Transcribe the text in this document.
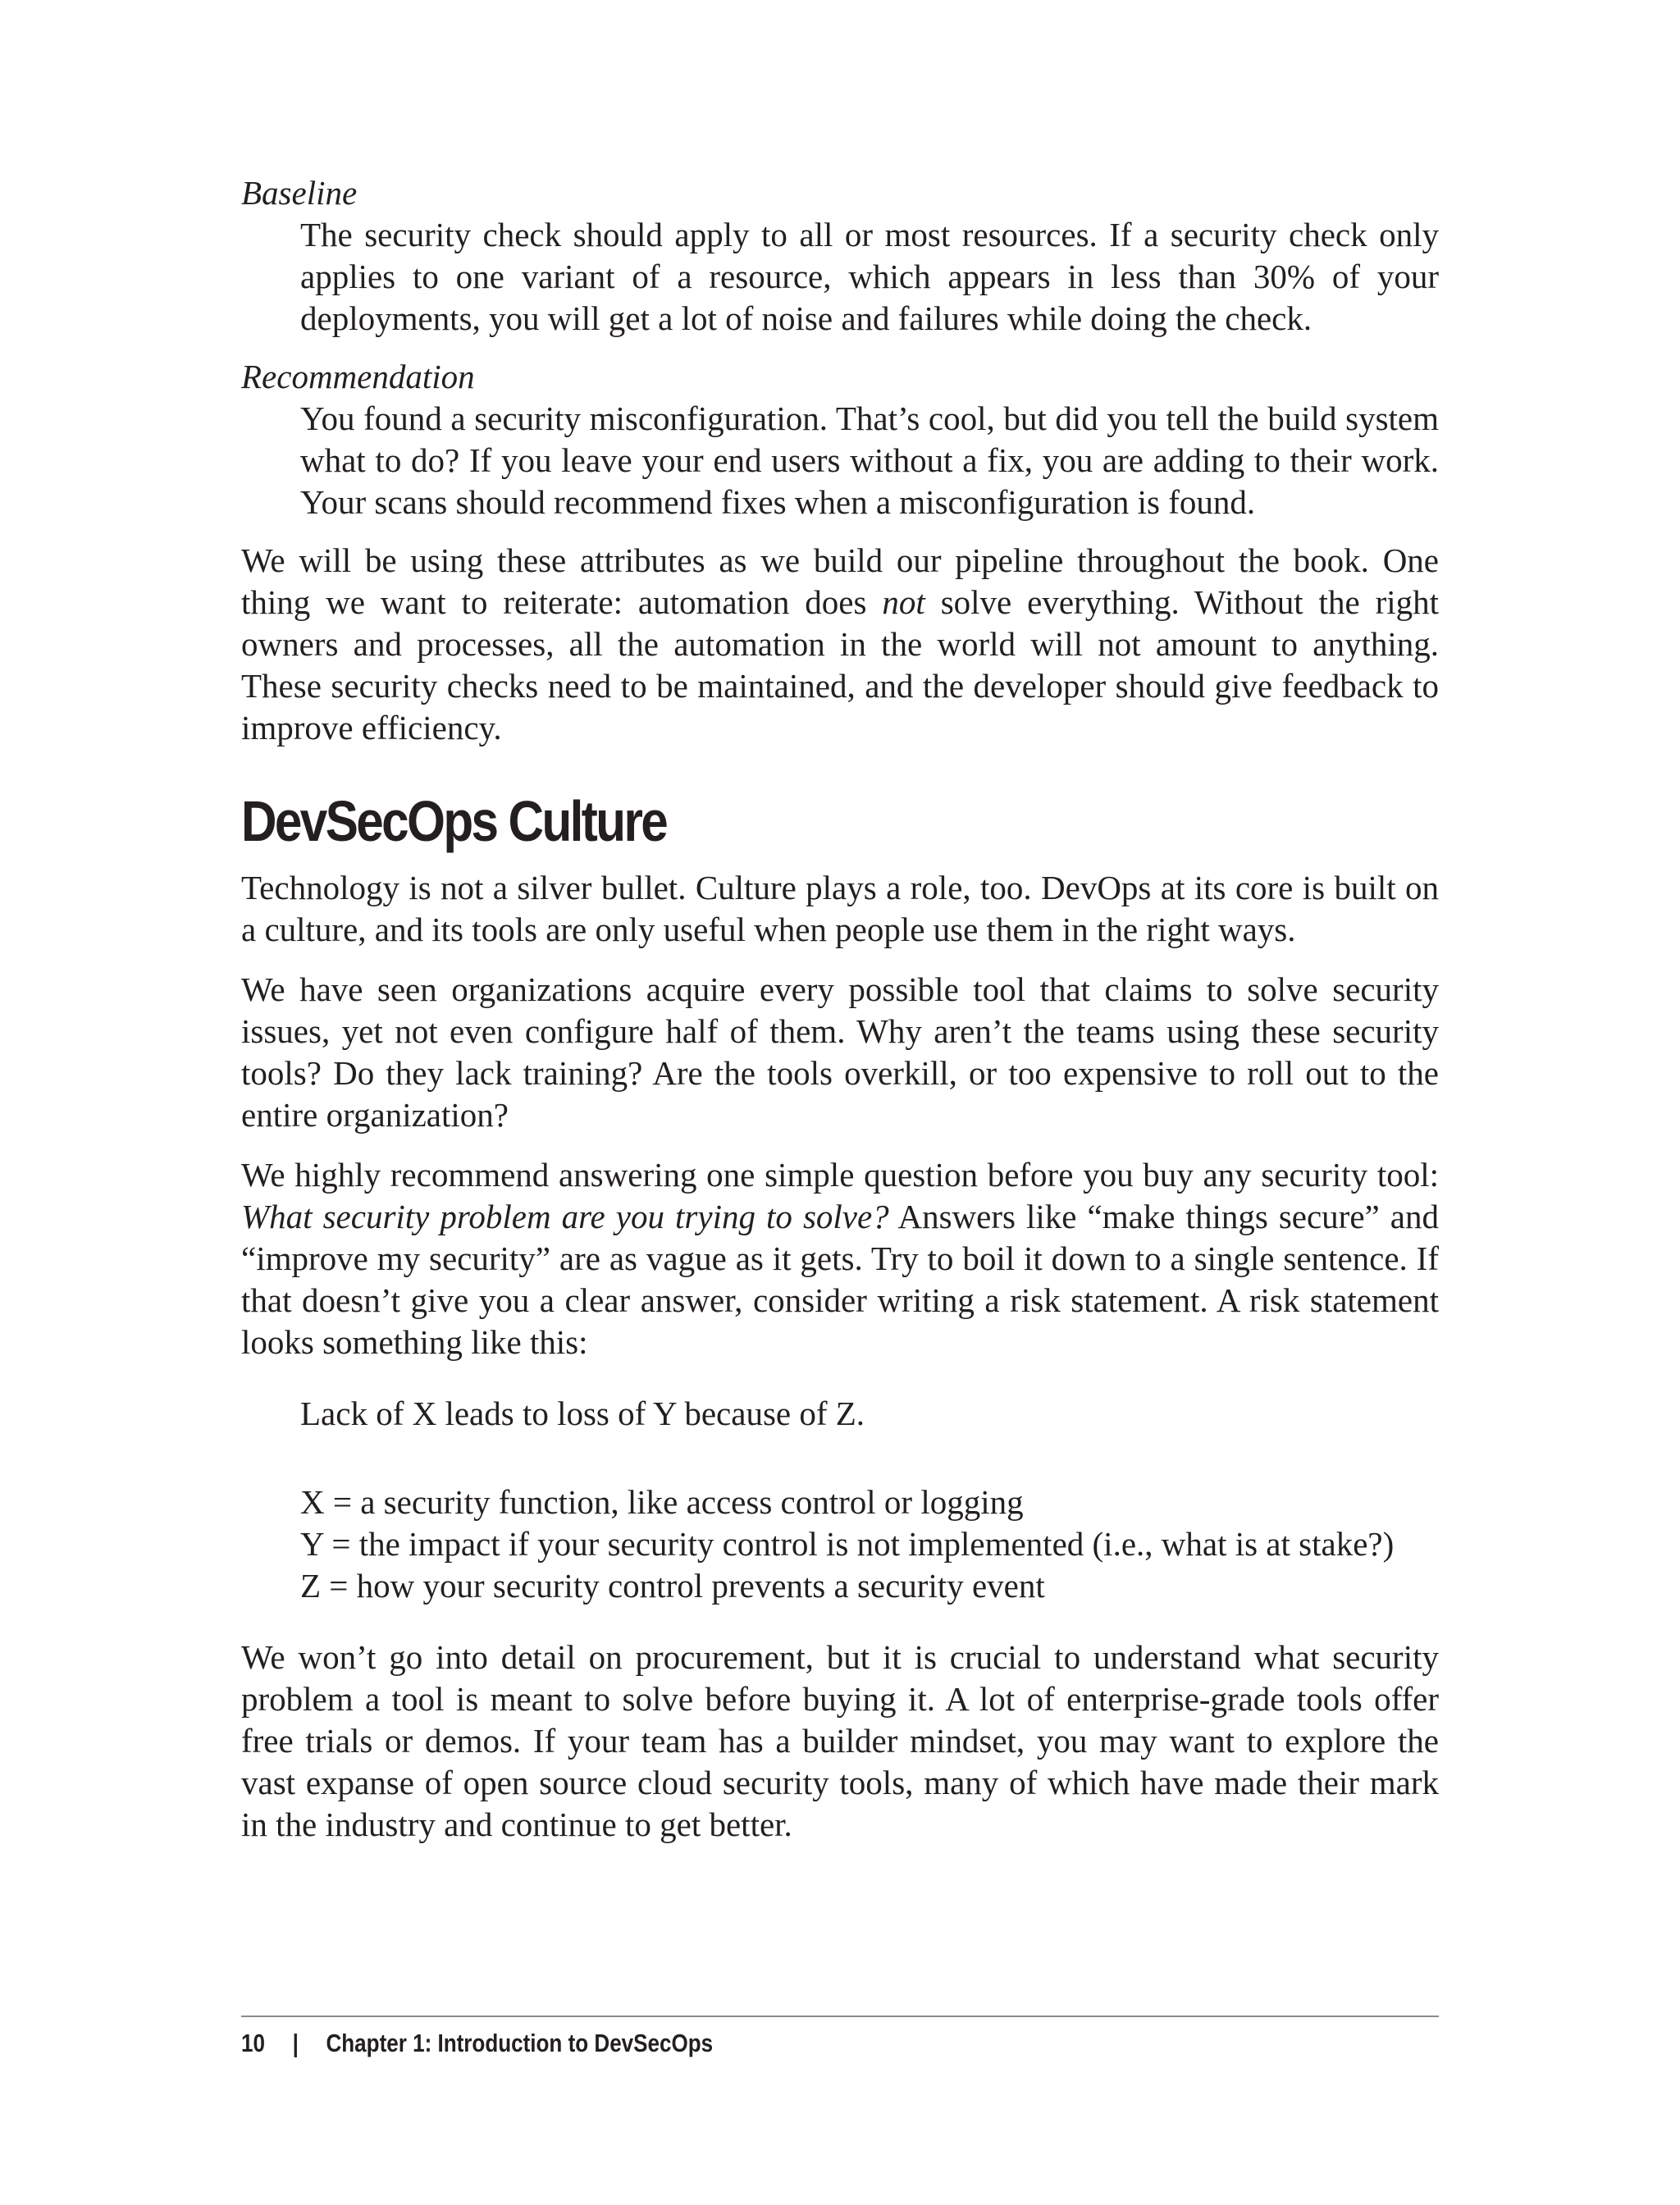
Baseline

The security check should apply to all or most resources. If a security check only applies to one variant of a resource, which appears in less than 30% of your deployments, you will get a lot of noise and failures while doing the check.

Recommendation

You found a security misconfiguration. That’s cool, but did you tell the build system what to do? If you leave your end users without a fix, you are adding to their work. Your scans should recommend fixes when a misconfiguration is found.

We will be using these attributes as we build our pipeline throughout the book. One thing we want to reiterate: automation does not solve everything. Without the right owners and processes, all the automation in the world will not amount to anything. These security checks need to be maintained, and the developer should give feedback to improve efficiency.

DevSecOps Culture

Technology is not a silver bullet. Culture plays a role, too. DevOps at its core is built on a culture, and its tools are only useful when people use them in the right ways.

We have seen organizations acquire every possible tool that claims to solve security issues, yet not even configure half of them. Why aren’t the teams using these security tools? Do they lack training? Are the tools overkill, or too expensive to roll out to the entire organization?

We highly recommend answering one simple question before you buy any security tool: What security problem are you trying to solve? Answers like “make things secure” and “improve my security” are as vague as it gets. Try to boil it down to a single sentence. If that doesn’t give you a clear answer, consider writing a risk statement. A risk statement looks something like this:

Lack of X leads to loss of Y because of Z.
X = a security function, like access control or logging
Y = the impact if your security control is not implemented (i.e., what is at stake?)
Z = how your security control prevents a security event

We won’t go into detail on procurement, but it is crucial to understand what security problem a tool is meant to solve before buying it. A lot of enterprise-grade tools offer free trials or demos. If your team has a builder mindset, you may want to explore the vast expanse of open source cloud security tools, many of which have made their mark in the industry and continue to get better.

10 | Chapter 1: Introduction to DevSecOps
